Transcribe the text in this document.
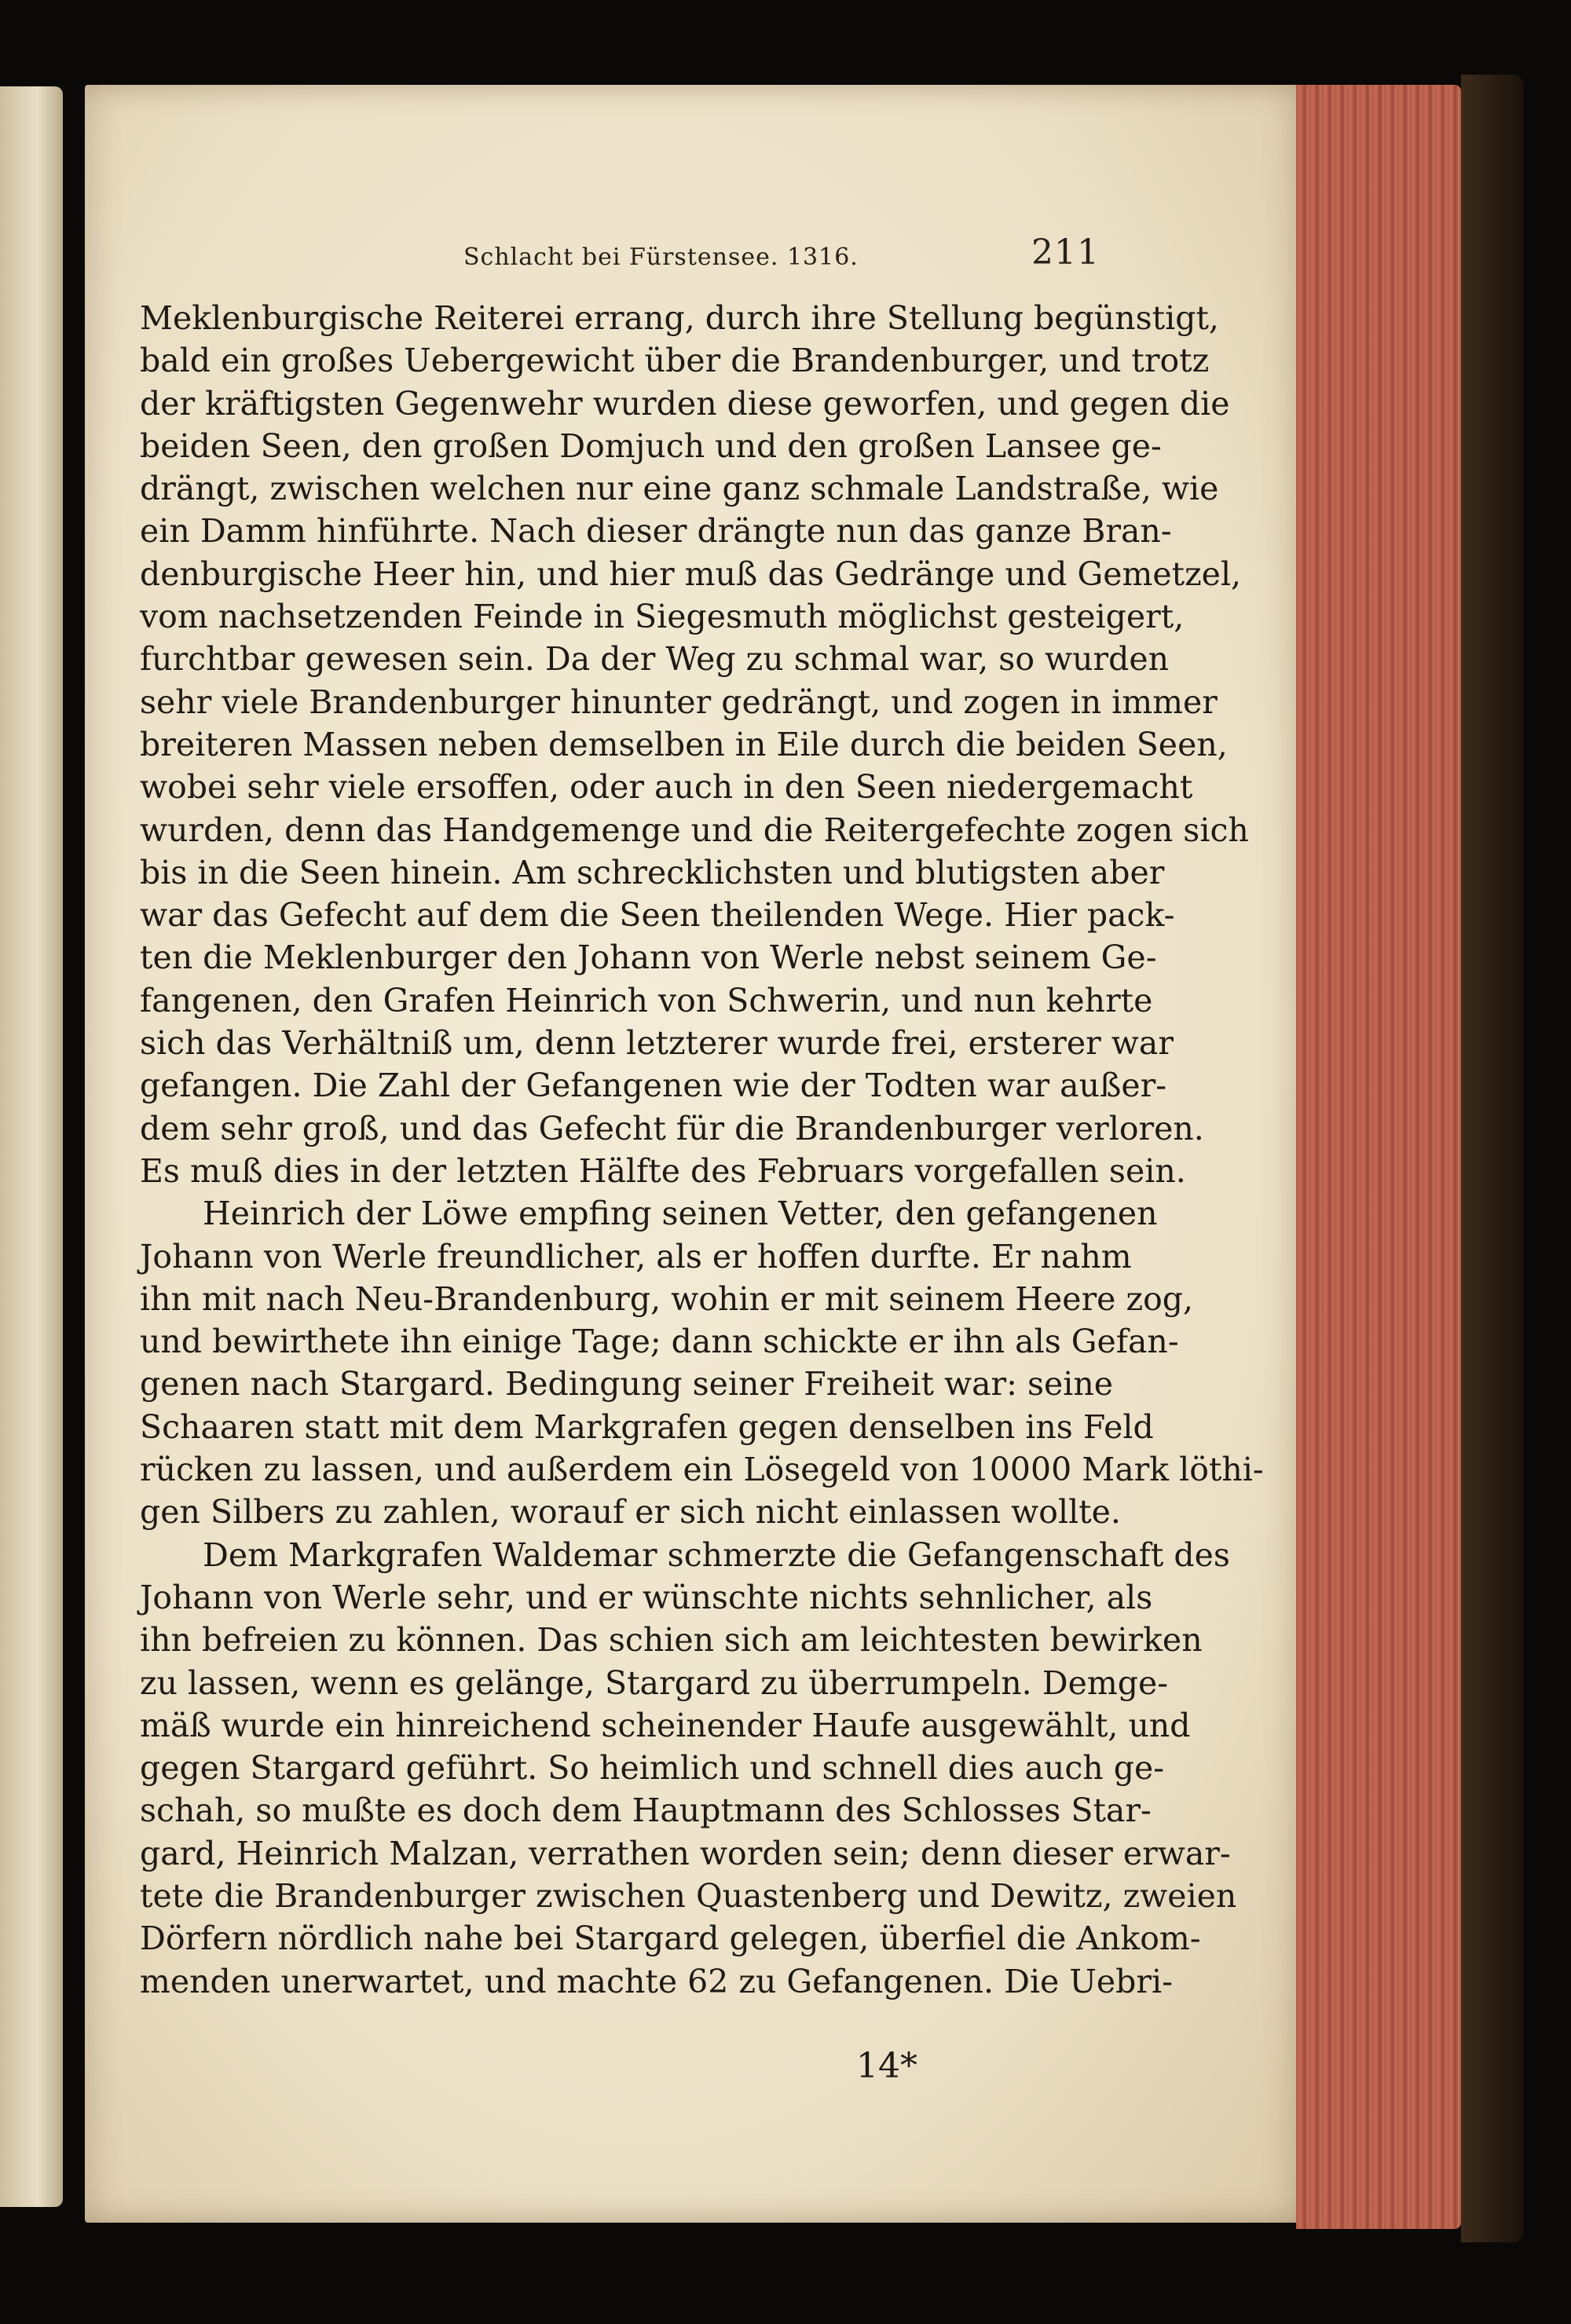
Schlacht bei Fürstensee. 1316.	211
Meklenburgische Reiterei errang, durch ihre Stellung begünstigt,
bald ein großes Uebergewicht über die Brandenburger, und trotz
der kräftigsten Gegenwehr wurden diese geworfen, und gegen die
beiden Seen, den großen Domjuch und den großen Lansee ge-
drängt, zwischen welchen nur eine ganz schmale Landstraße, wie
ein Damm hinführte. Nach dieser drängte nun das ganze Bran-
denburgische Heer hin, und hier muß das Gedränge und Gemetzel,
vom nachsetzenden Feinde in Siegesmuth möglichst gesteigert,
furchtbar gewesen sein. Da der Weg zu schmal war, so wurden
sehr viele Brandenburger hinunter gedrängt, und zogen in immer
breiteren Massen neben demselben in Eile durch die beiden Seen,
wobei sehr viele ersoffen, oder auch in den Seen niedergemacht
wurden, denn das Handgemenge und die Reitergefechte zogen sich
bis in die Seen hinein. Am schrecklichsten und blutigsten aber
war das Gefecht auf dem die Seen theilenden Wege. Hier pack-
ten die Meklenburger den Johann von Werle nebst seinem Ge-
fangenen, den Grafen Heinrich von Schwerin, und nun kehrte
sich das Verhältniß um, denn letzterer wurde frei, ersterer war
gefangen. Die Zahl der Gefangenen wie der Todten war außer-
dem sehr groß, und das Gefecht für die Brandenburger verloren.
Es muß dies in der letzten Hälfte des Februars vorgefallen sein.
Heinrich der Löwe empfing seinen Vetter, den gefangenen
Johann von Werle freundlicher, als er hoffen durfte. Er nahm
ihn mit nach Neu-Brandenburg, wohin er mit seinem Heere zog,
und bewirthete ihn einige Tage; dann schickte er ihn als Gefan-
genen nach Stargard. Bedingung seiner Freiheit war: seine
Schaaren statt mit dem Markgrafen gegen denselben ins Feld
rücken zu lassen, und außerdem ein Lösegeld von 10000 Mark löthi-
gen Silbers zu zahlen, worauf er sich nicht einlassen wollte.
Dem Markgrafen Waldemar schmerzte die Gefangenschaft des
Johann von Werle sehr, und er wünschte nichts sehnlicher, als
ihn befreien zu können. Das schien sich am leichtesten bewirken
zu lassen, wenn es gelänge, Stargard zu überrumpeln. Demge-
mäß wurde ein hinreichend scheinender Haufe ausgewählt, und
gegen Stargard geführt. So heimlich und schnell dies auch ge-
schah, so mußte es doch dem Hauptmann des Schlosses Star-
gard, Heinrich Malzan, verrathen worden sein; denn dieser erwar-
tete die Brandenburger zwischen Quastenberg und Dewitz, zweien
Dörfern nördlich nahe bei Stargard gelegen, überfiel die Ankom-
menden unerwartet, und machte 62 zu Gefangenen. Die Uebri-
14*
